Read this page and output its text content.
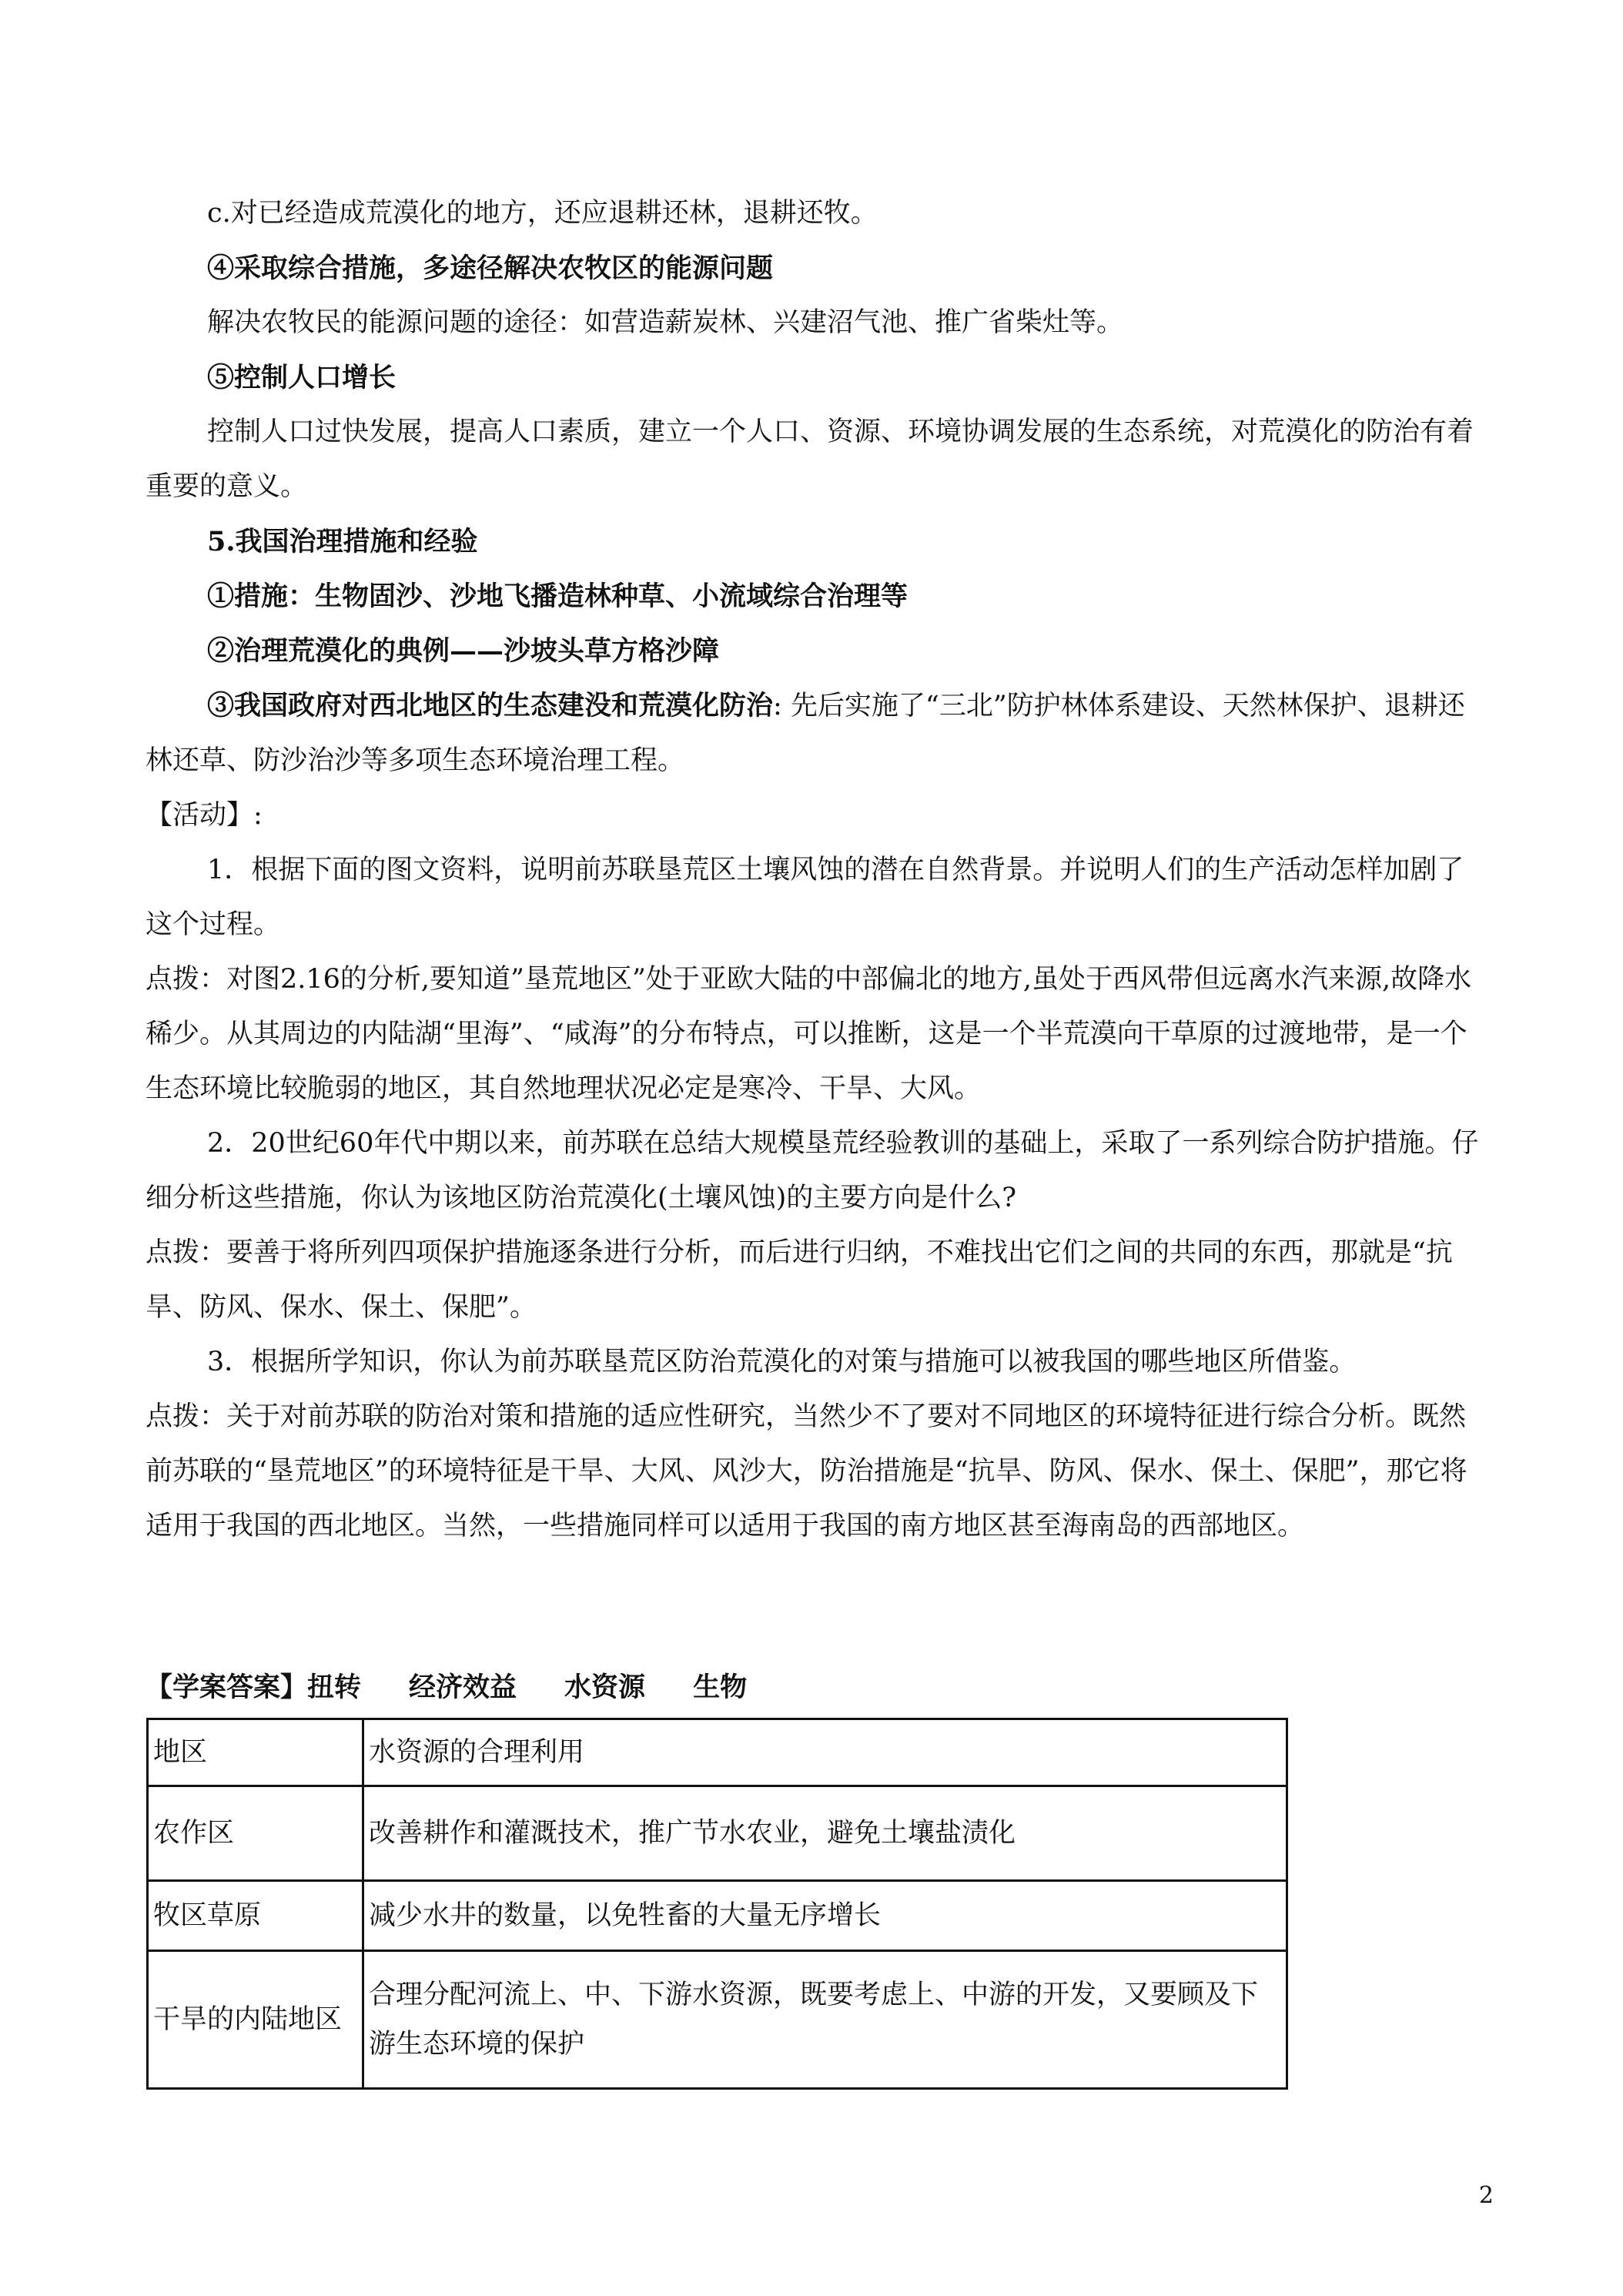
c.对已经造成荒漠化的地方，还应退耕还林，退耕还牧。

④采取综合措施，多途径解决农牧区的能源问题

解决农牧民的能源问题的途径：如营造薪炭林、兴建沼气池、推广省柴灶等。

⑤控制人口增长

控制人口过快发展，提高人口素质，建立一个人口、资源、环境协调发展的生态系统，对荒漠化的防治有着重要的意义。

5.我国治理措施和经验

①措施：生物固沙、沙地飞播造林种草、小流域综合治理等

②治理荒漠化的典例——沙坡头草方格沙障

③我国政府对西北地区的生态建没和荒漠化防治: 先后实施了“三北”防护林体系建设、天然林保护、退耕还林还草、防沙治沙等多项生态环境治理工程。

【活动】:

1．根据下面的图文资料，说明前苏联垦荒区土壤风蚀的潜在自然背景。并说明人们的生产活动怎样加剧了这个过程。

点拨：对图2.16的分析,要知道”垦荒地区”处于亚欧大陆的中部偏北的地方,虽处于西风带但远离水汽来源,故降水稀少。从其周边的内陆湖“里海”、“咸海”的分布特点，可以推断，这是一个半荒漠向干草原的过渡地带，是一个生态环境比较脆弱的地区，其自然地理状况必定是寒冷、干旱、大风。

2．20世纪60年代中期以来，前苏联在总结大规模垦荒经验教训的基础上，采取了一系列综合防护措施。仔细分析这些措施，你认为该地区防治荒漠化(土壤风蚀)的主要方向是什么?

点拨：要善于将所列四项保护措施逐条进行分析，而后进行归纳，不难找出它们之间的共同的东西，那就是“抗旱、防风、保水、保土、保肥”。

3．根据所学知识，你认为前苏联垦荒区防治荒漠化的对策与措施可以被我国的哪些地区所借鉴。

点拨：关于对前苏联的防治对策和措施的适应性研究，当然少不了要对不同地区的环境特征进行综合分析。既然前苏联的“垦荒地区”的环境特征是干旱、大风、风沙大，防治措施是“抗旱、防风、保水、保土、保肥”，那它将适用于我国的西北地区。当然，一些措施同样可以适用于我国的南方地区甚至海南岛的西部地区。

【学案答案】扭转 经济效益 水资源 生物
地区	水资源的合理利用
农作区	改善耕作和灌溉技术，推广节水农业，避免土壤盐渍化
牧区草原	减少水井的数量，以免牲畜的大量无序增长
干旱的内陆地区	合理分配河流上、中、下游水资源，既要考虑上、中游的开发，又要顾及下游生态环境的保护
2
